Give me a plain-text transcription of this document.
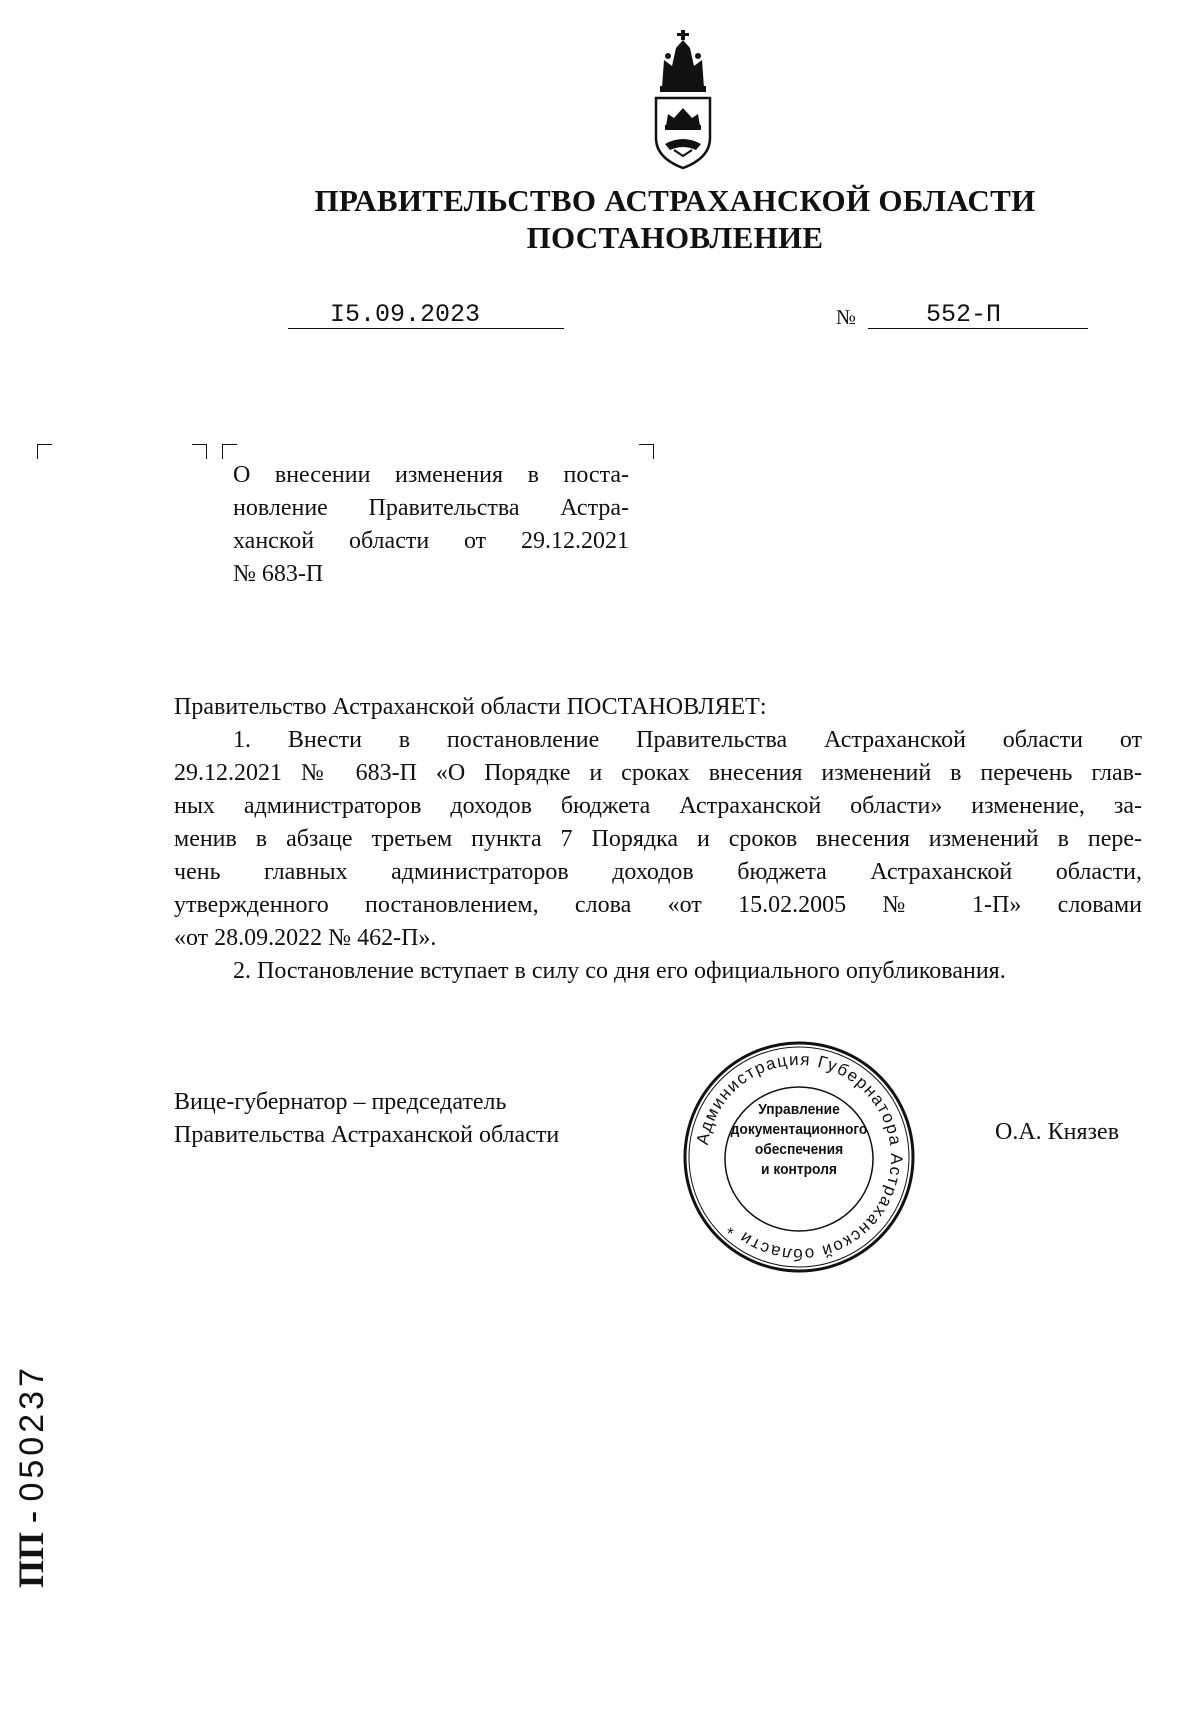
ПРАВИТЕЛЬСТВО АСТРАХАНСКОЙ ОБЛАСТИ
ПОСТАНОВЛЕНИЕ
I5.09.2023	№	552-П
О внесении изменения в поста-
новление Правительства Астра-
ханской области от 29.12.2021
№ 683-П
Правительство Астраханской области ПОСТАНОВЛЯЕТ:
1. Внести в постановление Правительства Астраханской области от
29.12.2021 № 683-П «О Порядке и сроках внесения изменений в перечень глав-
ных администраторов доходов бюджета Астраханской области» изменение, за-
менив в абзаце третьем пункта 7 Порядка и сроков внесения изменений в пере-
чень главных администраторов доходов бюджета Астраханской области,
утвержденного постановлением, слова «от 15.02.2005 № 1-П» словами
«от 28.09.2022 № 462-П».
2. Постановление вступает в силу со дня его официального опубликования.
Вице-губернатор – председатель
Правительства Астраханской области	О.А. Князев
Администрация Губернатора Астраханской области *
Управление
документационного
обеспечения
и контроля
ПП - 050237
